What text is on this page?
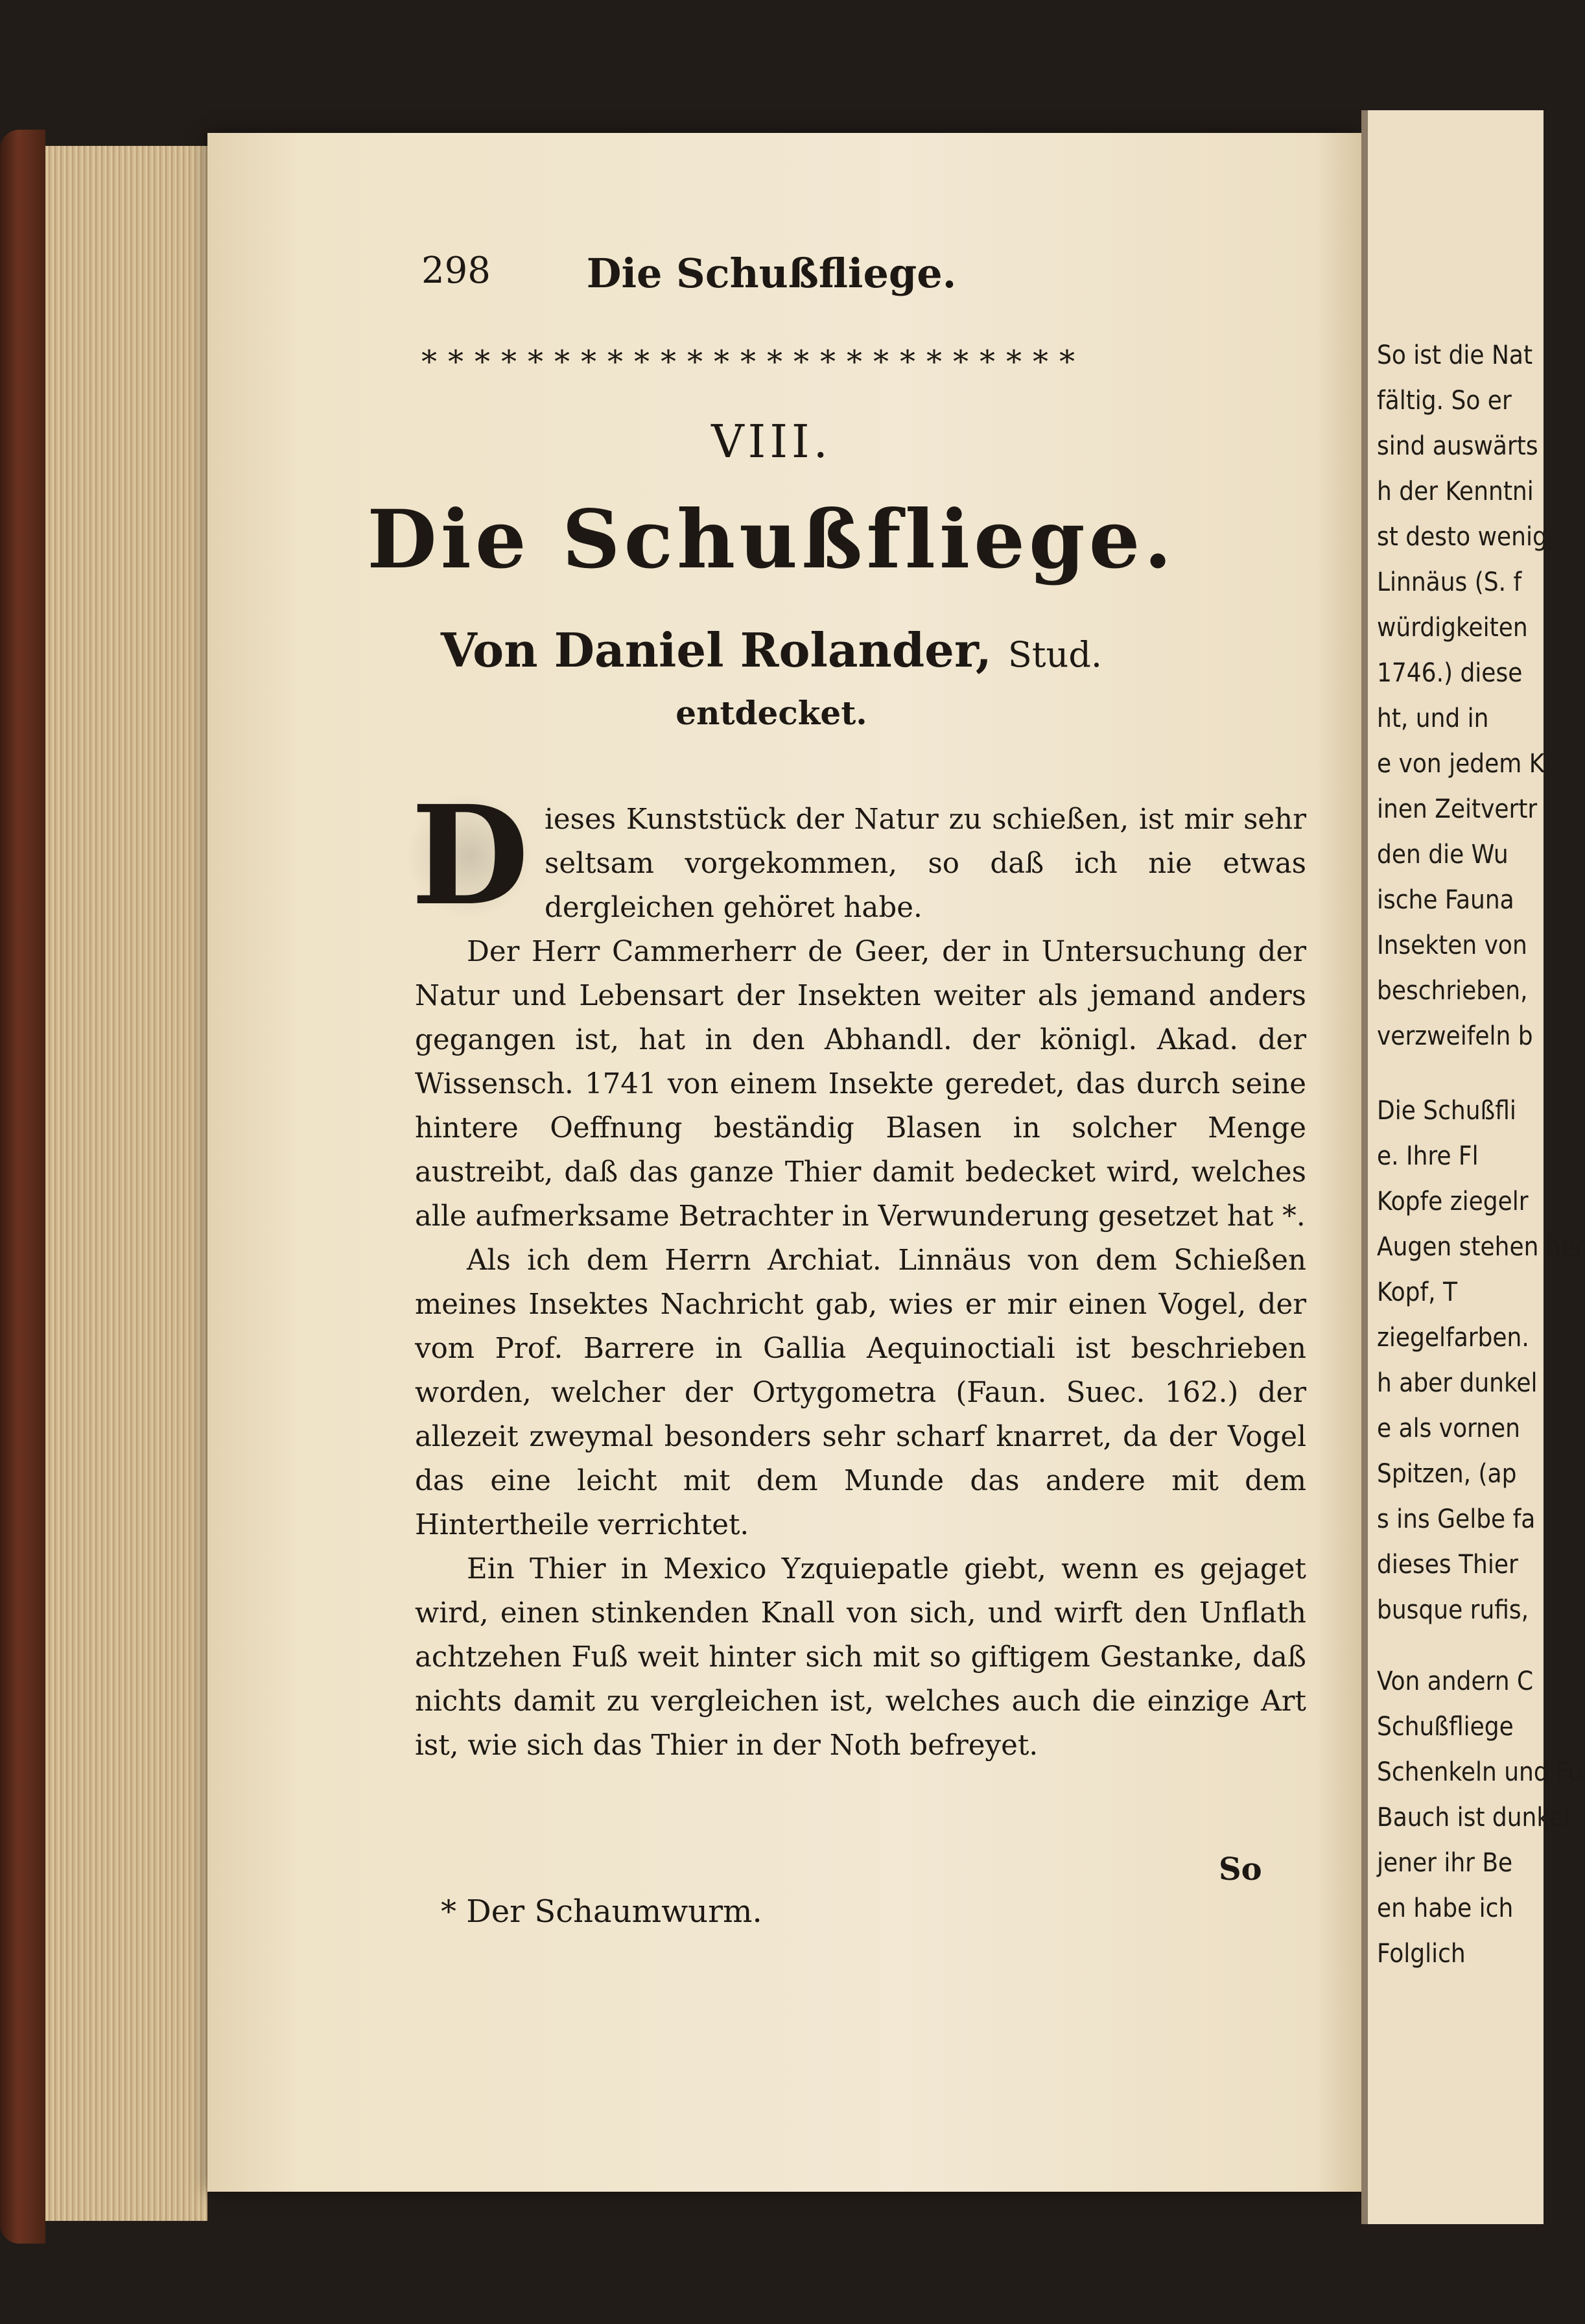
298	Die Schußfliege.
*************************
VIII.
Die Schußfliege.
Von Daniel Rolander, Stud.
entdecket.

D ieses Kunststück der Natur zu schießen, ist mir sehr seltsam vorgekommen, so daß ich nie etwas dergleichen gehöret habe.

Der Herr Cammerherr de Geer, der in Untersuchung der Natur und Lebensart der Insekten weiter als jemand anders gegangen ist, hat in den Abhandl. der königl. Akad. der Wissensch. 1741 von einem Insekte geredet, das durch seine hintere Oeffnung beständig Blasen in solcher Menge austreibt, daß das ganze Thier damit bedecket wird, welches alle aufmerksame Betrachter in Verwunderung gesetzet hat *.

Als ich dem Herrn Archiat. Linnäus von dem Schießen meines Insektes Nachricht gab, wies er mir einen Vogel, der vom Prof. Barrere in Gallia Aequinoctiali ist beschrieben worden, welcher der Ortygometra (Faun. Suec. 162.) der allezeit zweymal besonders sehr scharf knarret, da der Vogel das eine leicht mit dem Munde das andere mit dem Hintertheile verrichtet.

Ein Thier in Mexico Yzquiepatle giebt, wenn es gejaget wird, einen stinkenden Knall von sich, und wirft den Unflath achtzehen Fuß weit hinter sich mit so giftigem Gestanke, daß nichts damit zu vergleichen ist, welches auch die einzige Art ist, wie sich das Thier in der Noth befreyet.

So
* Der Schaumwurm.
So ist die Nat
fältig. So er
sind auswärts
h der Kenntni
st desto wenig
Linnäus (S. f
würdigkeiten
1746.) diese
ht, und in
e von jedem K
inen Zeitvertr
den die Wu
ische Fauna
Insekten von
beschrieben,
verzweifeln b
Die Schußfli
e. Ihre Fl
Kopfe ziegelr
Augen stehen her
Kopf, T
ziegelfarben.
h aber dunkel
e als vornen
Spitzen, (ap
s ins Gelbe fa
dieses Thier
busque rufis,
Von andern C
Schußfliege
Schenkeln und Fu
Bauch ist dunkel
jener ihr Be
en habe ich
Folglich
